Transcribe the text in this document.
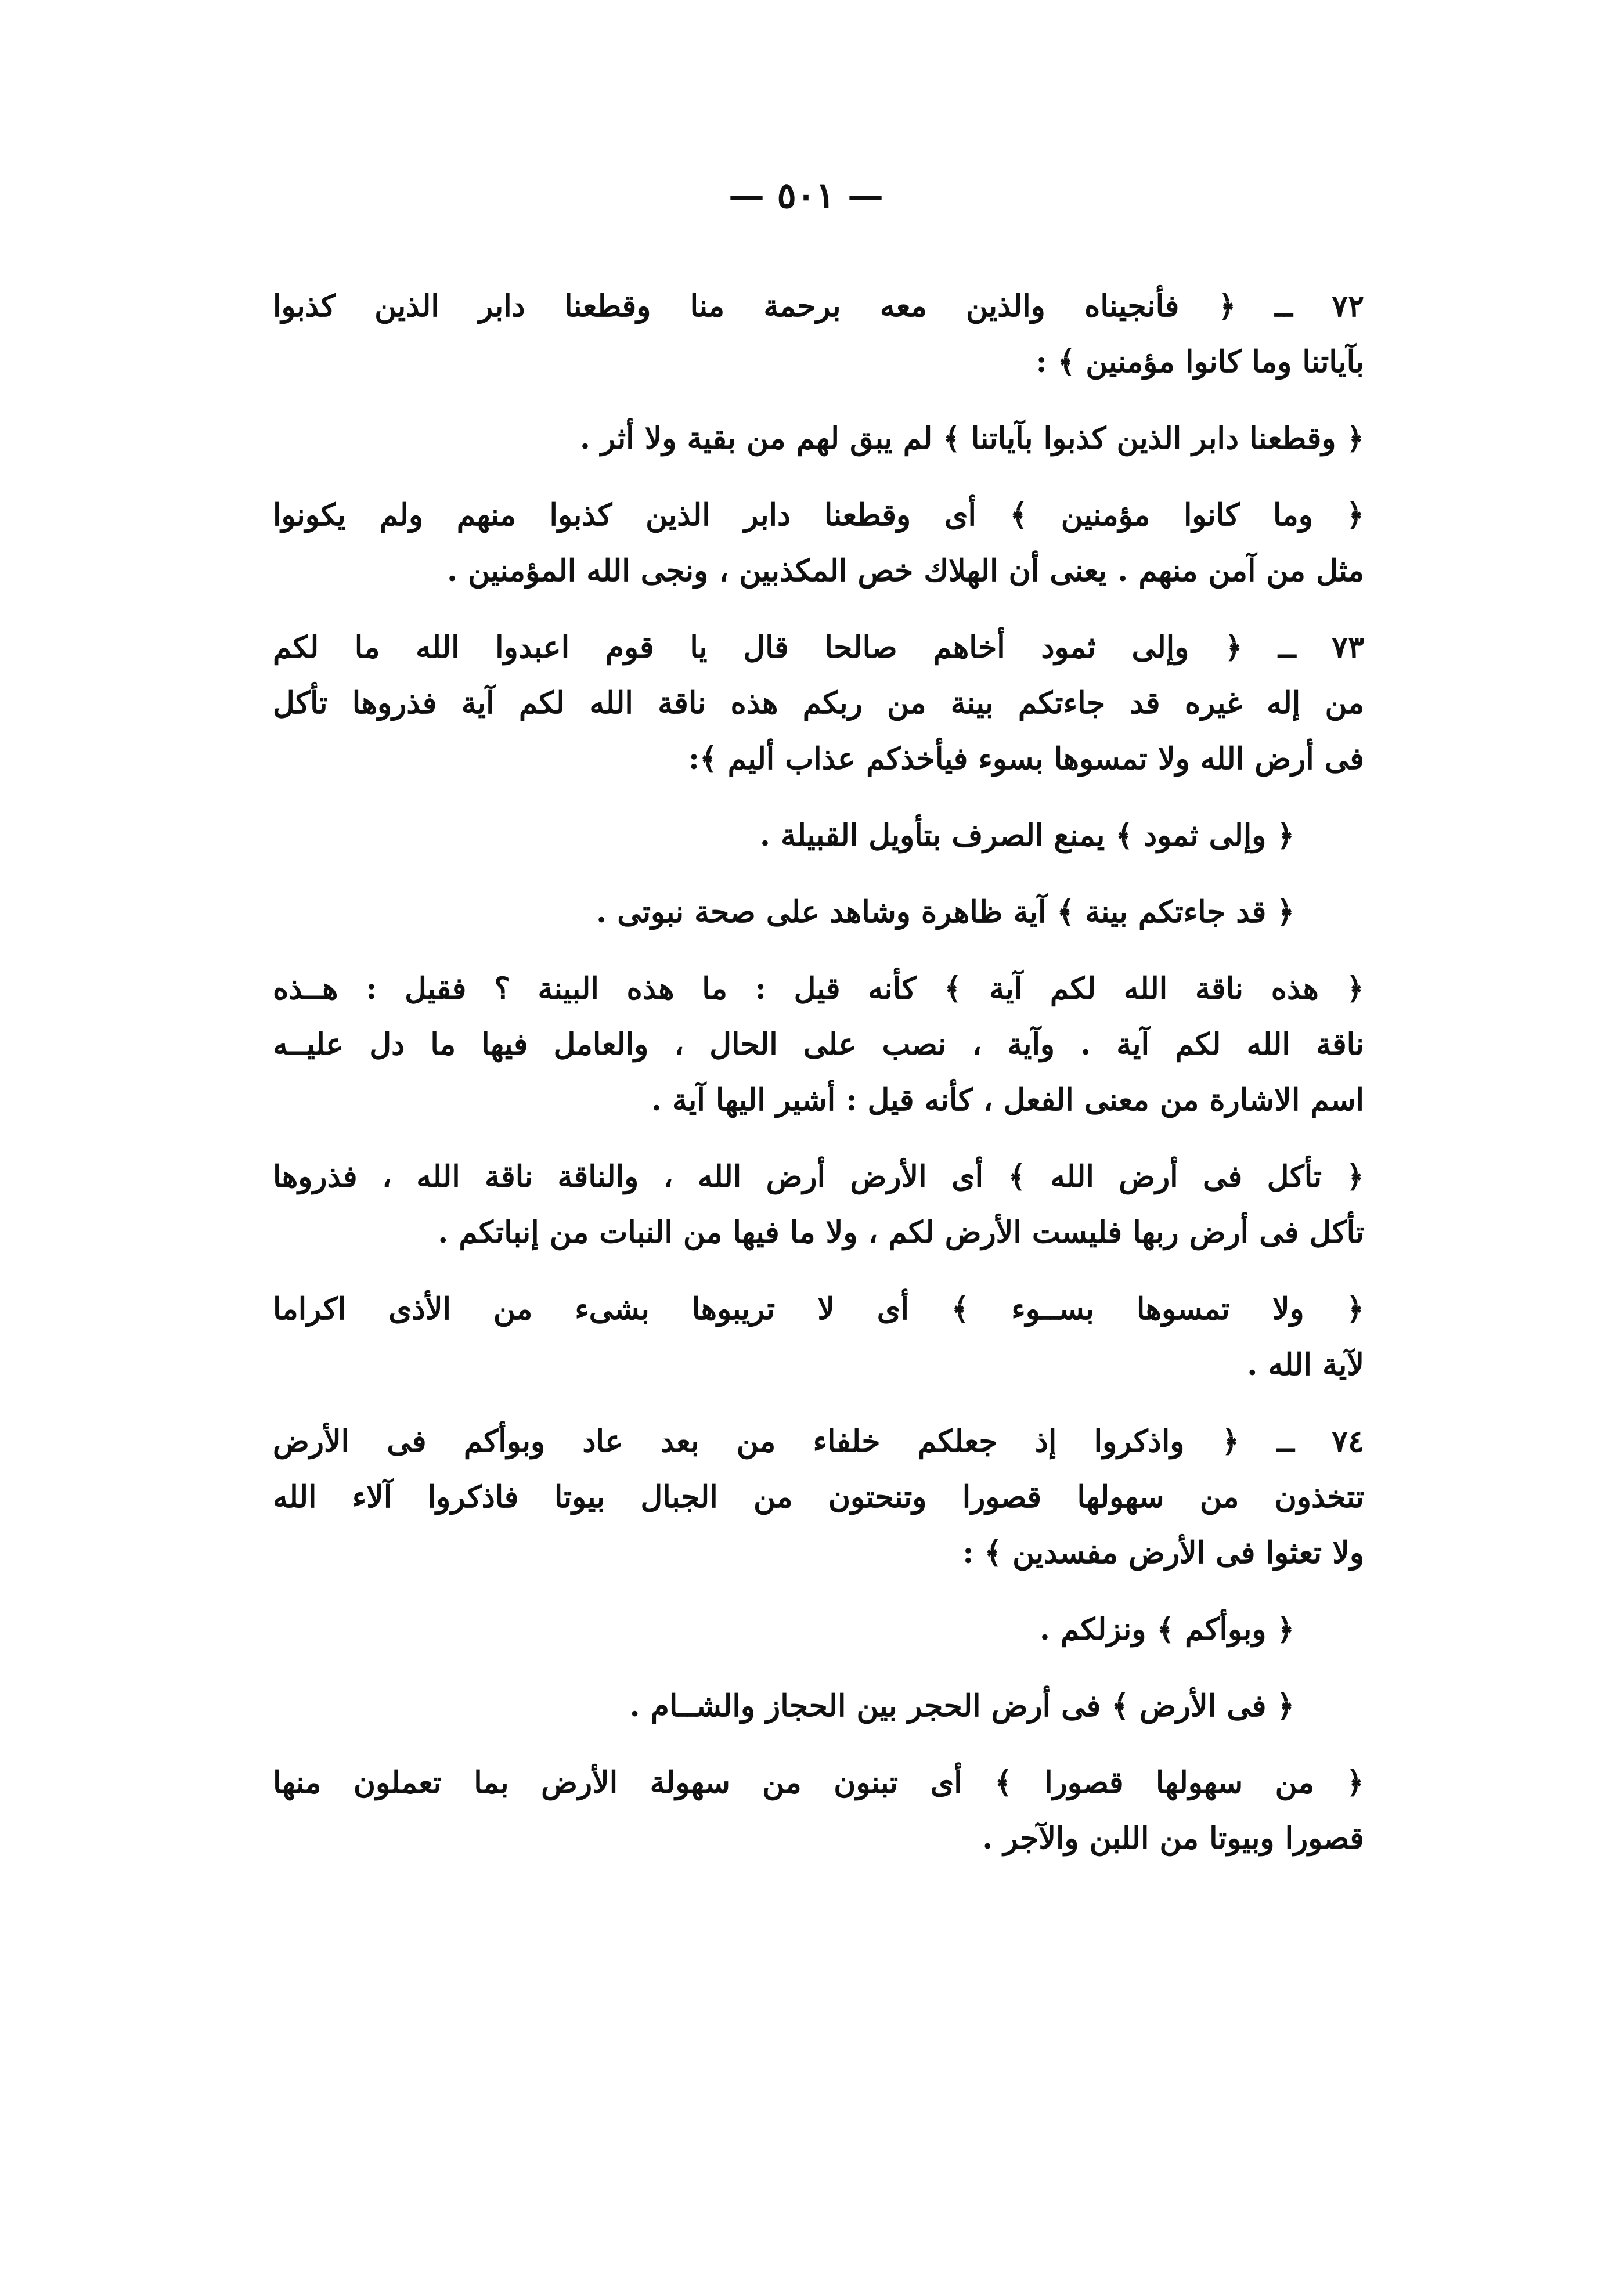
— ٥٠١ —
٧٢ ــ ﴿ فأنجيناه والذين معه برحمة منا وقطعنا دابر الذين كذبوا
بآياتنا وما كانوا مؤمنين ﴾ :
﴿ وقطعنا دابر الذين كذبوا بآياتنا ﴾ لم يبق لهم من بقية ولا أثر .
﴿ وما كانوا مؤمنين ﴾ أى وقطعنا دابر الذين كذبوا منهم ولم يكونوا
مثل من آمن منهم . يعنى أن الهلاك خص المكذبين ، ونجى الله المؤمنين .
٧٣ ــ ﴿ وإلى ثمود أخاهم صالحا قال يا قوم اعبدوا الله ما لكم
من إله غيره قد جاءتكم بينة من ربكم هذه ناقة الله لكم آية فذروها تأكل
فى أرض الله ولا تمسوها بسوء فيأخذكم عذاب أليم ﴾:
﴿ وإلى ثمود ﴾ يمنع الصرف بتأويل القبيلة .
﴿ قد جاءتكم بينة ﴾ آية ظاهرة وشاهد على صحة نبوتى .
﴿ هذه ناقة الله لكم آية ﴾ كأنه قيل : ما هذه البينة ؟ فقيل : هــذه
ناقة الله لكم آية . وآية ، نصب على الحال ، والعامل فيها ما دل عليــه
اسم الاشارة من معنى الفعل ، كأنه قيل : أشير اليها آية .
﴿ تأكل فى أرض الله ﴾ أى الأرض أرض الله ، والناقة ناقة الله ، فذروها
تأكل فى أرض ربها فليست الأرض لكم ، ولا ما فيها من النبات من إنباتكم .
﴿ ولا تمسوها بســوء ﴾ أى لا تريبوها بشىء من الأذى اكراما
لآية الله .
٧٤ ــ ﴿ واذكروا إذ جعلكم خلفاء من بعد عاد وبوأكم فى الأرض
تتخذون من سهولها قصورا وتنحتون من الجبال بيوتا فاذكروا آلاء الله
ولا تعثوا فى الأرض مفسدين ﴾ :
﴿ وبوأكم ﴾ ونزلكم .
﴿ فى الأرض ﴾ فى أرض الحجر بين الحجاز والشــام .
﴿ من سهولها قصورا ﴾ أى تبنون من سهولة الأرض بما تعملون منها
قصورا وبيوتا من اللبن والآجر .
